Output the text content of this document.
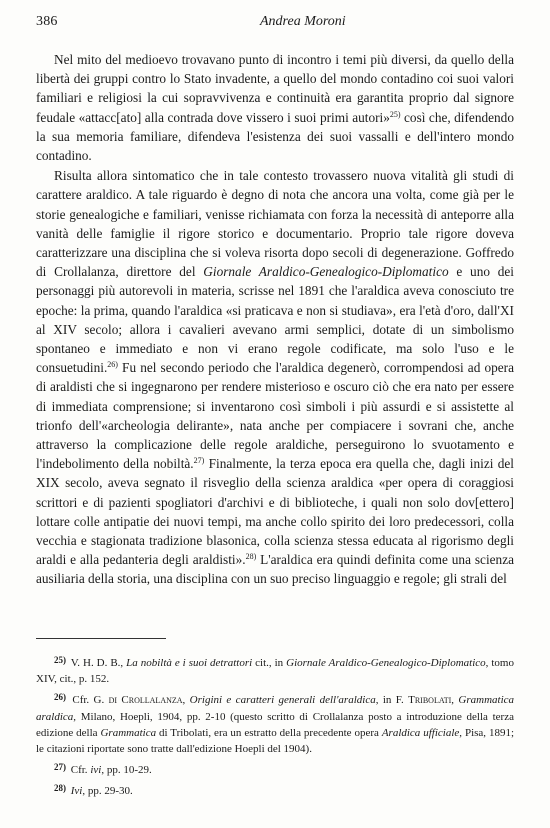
386	Andrea Moroni

Nel mito del medioevo trovavano punto di incontro i temi più diversi, da quello della libertà dei gruppi contro lo Stato invadente, a quello del mondo contadino coi suoi valori familiari e religiosi la cui sopravvivenza e continuità era garantita proprio dal signore feudale «attacc[ato] alla contrada dove vissero i suoi primi autori»$^{25)}$ così che, difendendo la sua memoria familiare, difendeva l'esistenza dei suoi vassalli e dell'intero mondo contadino.

Risulta allora sintomatico che in tale contesto trovassero nuova vitalità gli studi di carattere araldico. A tale riguardo è degno di nota che ancora una volta, come già per le storie genealogiche e familiari, venisse richiamata con forza la necessità di anteporre alla vanità delle famiglie il rigore storico e documentario. Proprio tale rigore doveva caratterizzare una disciplina che si voleva risorta dopo secoli di degenerazione. Goffredo di Crollalanza, direttore del Giornale Araldico-Genealogico-Diplomatico e uno dei personaggi più autorevoli in materia, scrisse nel 1891 che l'araldica aveva conosciuto tre epoche: la prima, quando l'araldica «si praticava e non si studiava», era l'età d'oro, dall'XI al XIV secolo; allora i cavalieri avevano armi semplici, dotate di un simbolismo spontaneo e immediato e non vi erano regole codificate, ma solo l'uso e le consuetudini.$^{26)}$ Fu nel secondo periodo che l'araldica degenerò, corrompendosi ad opera di araldisti che si ingegnarono per rendere misterioso e oscuro ciò che era nato per essere di immediata comprensione; si inventarono così simboli i più assurdi e si assistette al trionfo dell'«archeologia delirante», nata anche per compiacere i sovrani che, anche attraverso la complicazione delle regole araldiche, perseguirono lo svuotamento e l'indebolimento della nobiltà.$^{27)}$ Finalmente, la terza epoca era quella che, dagli inizi del XIX secolo, aveva segnato il risveglio della scienza araldica «per opera di coraggiosi scrittori e di pazienti spogliatori d'archivi e di biblioteche, i quali non solo dov[ettero] lottare colle antipatie dei nuovi tempi, ma anche collo spirito dei loro predecessori, colla vecchia e stagionata tradizione blasonica, colla scienza stessa educata al rigorismo degli araldi e alla pedanteria degli araldisti».$^{28)}$ L'araldica era quindi definita come una scienza ausiliaria della storia, una disciplina con un suo preciso linguaggio e regole; gli strali del

$^{25)}$ V. H. D. B., La nobiltà e i suoi detrattori cit., in Giornale Araldico-Genealogico-Diplomatico, tomo XIV, cit., p. 152.

$^{26)}$ Cfr. G. di Crollalanza, Origini e caratteri generali dell'araldica, in F. Tribolati, Grammatica araldica, Milano, Hoepli, 1904, pp. 2-10 (questo scritto di Crollalanza posto a introduzione della terza edizione della Grammatica di Tribolati, era un estratto della precedente opera Araldica ufficiale, Pisa, 1891; le citazioni riportate sono tratte dall'edizione Hoepli del 1904).

$^{27)}$ Cfr. ivi, pp. 10-29.

$^{28)}$ Ivi, pp. 29-30.
